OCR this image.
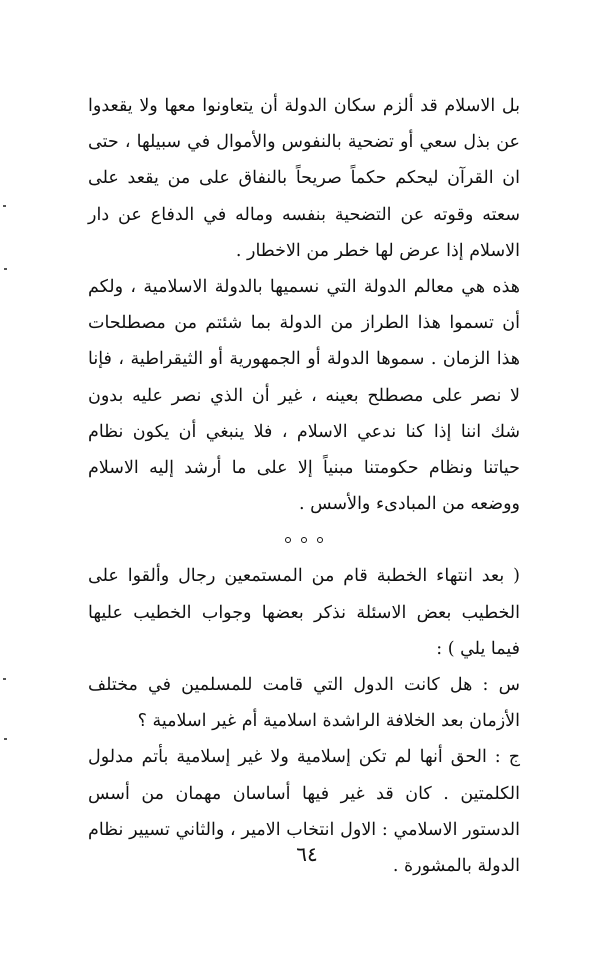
بل الاسلام قد ألزم سكان الدولة أن يتعاونوا معها ولا يقعدوا عن بذل سعي أو تضحية بالنفوس والأموال في سبيلها ، حتى ان القرآن ليحكم حكماً صريحاً بالنفاق على من يقعد على سعته وقوته عن التضحية بنفسه وماله في الدفاع عن دار الاسلام إذا عرض لها خطر من الاخطار .

هذه هي معالم الدولة التي نسميها بالدولة الاسلامية ، ولكم أن تسموا هذا الطراز من الدولة بما شئتم من مصطلحات هذا الزمان . سموها الدولة أو الجمهورية أو الثيقراطية ، فإنا لا نصر على مصطلح بعينه ، غير أن الذي نصر عليه بدون شك اننا إذا كنا ندعي الاسلام ، فلا ينبغي أن يكون نظام حياتنا ونظام حكومتنا مبنياً إلا على ما أرشد إليه الاسلام ووضعه من المبادىء والأسس .

( بعد انتهاء الخطبة قام من المستمعين رجال وألقوا على الخطيب بعض الاسئلة نذكر بعضها وجواب الخطيب عليها فيما يلي ) :

س : هل كانت الدول التي قامت للمسلمين في مختلف الأزمان بعد الخلافة الراشدة اسلامية أم غير اسلامية ؟

ج : الحق أنها لم تكن إسلامية ولا غير إسلامية بأتم مدلول الكلمتين . كان قد غير فيها أساسان مهمان من أسس الدستور الاسلامي : الاول انتخاب الامير ، والثاني تسيير نظام الدولة بالمشورة .

٦٤
